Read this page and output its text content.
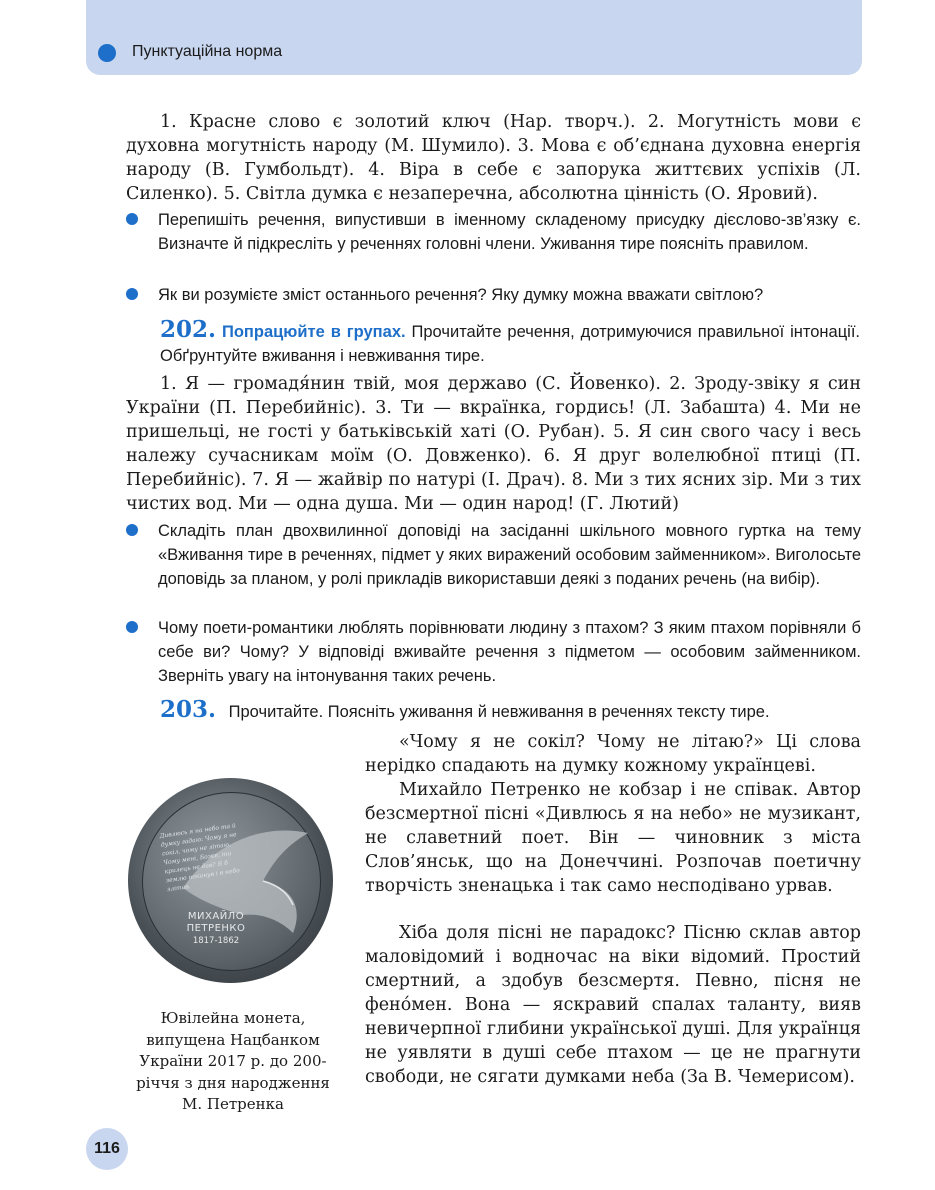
Пунктуаційна норма
1. Красне слово є золотий ключ (Нар. творч.). 2. Могутність мови є духовна могутність народу (М. Шумило). 3. Мова є об’єднана духовна енергія народу (В. Гумбольдт). 4. Віра в себе є запорука життєвих успіхів (Л. Силенко). 5. Світла думка є незаперечна, абсолютна цінність (О. Яровий).

Перепишіть речення, випустивши в іменному складеному присудку дієслово-зв’язку є. Визначте й підкресліть у реченнях головні члени. Уживання тире поясніть правилом.

Як ви розумієте зміст останнього речення? Яку думку можна вважати світлою?

202. Попрацюйте в групах. Прочитайте речення, дотримуючися правильної інтонації. Обґрунтуйте вживання і невживання тире.

1. Я — громадя́нин твій, моя державо (С. Йовенко). 2. Зроду-звіку я син України (П. Перебийніс). 3. Ти — вкраїнка, гордись! (Л. Забашта) 4. Ми не пришельці, не гості у батьківській хаті (О. Рубан). 5. Я син свого часу і весь належу сучасникам моїм (О. Довженко). 6. Я друг волелюбної птиці (П. Перебийніс). 7. Я — жайвір по натурі (І. Драч). 8. Ми з тих ясних зір. Ми з тих чистих вод. Ми — одна душа. Ми — один народ! (Г. Лютий)

Складіть план двохвилинної доповіді на засіданні шкільного мовного гуртка на тему «Вживання тире в реченнях, підмет у яких виражений особовим займенником». Виголосьте доповідь за планом, у ролі прикладів використавши деякі з поданих речень (на вибір).

Чому поети-романтики люблять порівнювати людину з птахом? З яким птахом порівняли б себе ви? Чому? У відповіді вживайте речення з підметом — особовим займенником. Зверніть увагу на інтонування таких речень.

203. Прочитайте. Поясніть уживання й невживання в реченнях тексту тире.
Дивлюсь я на небо та й думку гадаю: Чому я не сокіл, чому не літаю, Чому мені, Боже, ти крилець не дав? Я б землю покинув і в небо злітав.
МИХАЙЛО
ПЕТРЕНКО
1817-1862
Ювілейна монета, випущена Нацбанком України 2017 р. до 200-річчя з дня народження М. Петренка
«Чому я не сокіл? Чому не літаю?» Ці слова нерідко спадають на думку кожному українцеві.
Михайло Петренко не кобзар і не співак. Автор безсмертної пісні «Дивлюсь я на небо» не музикант, не славетний поет. Він — чиновник з міста Слов’янськ, що на Донеччині. Розпочав поетичну творчість зненацька і так само несподівано урвав.
Хіба доля пісні не парадокс? Пісню склав автор маловідомий і водночас на віки відомий. Простий смертний, а здобув безсмертя. Певно, пісня не фено́мен. Вона — яскравий спалах таланту, вияв невичерпної глибини української душі. Для українця не уявляти в душі себе птахом — це не прагнути свободи, не сягати думками неба (За В. Чемерисом).
116
